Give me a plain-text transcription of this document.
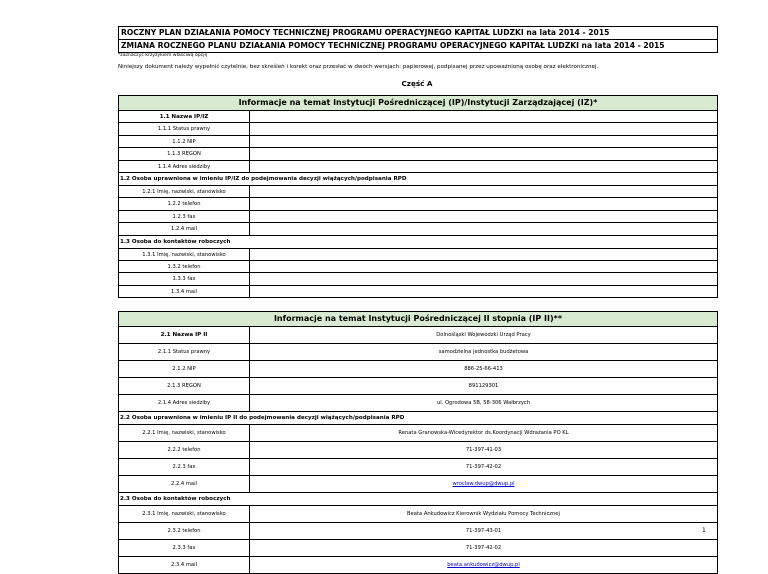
ROCZNY PLAN DZIAŁANIA POMOCY TECHNICZNEJ PROGRAMU OPERACYJNEGO KAPITAŁ LUDZKI na lata 2014 - 2015
ZMIANA ROCZNEGO PLANU DZIAŁANIA POMOCY TECHNICZNEJ PROGRAMU OPERACYJNEGO KAPITAŁ LUDZKI na lata 2014 - 2015
*zaznaczyć krzyżykiem właściwą opcję
Niniejszy dokument należy wypełnić czytelnie, bez skreśleń i korekt oraz przesłać w dwóch wersjach: papierowej, podpisanej przez upoważnioną osobę oraz elektronicznej.
Część A
Informacje na temat Instytucji Pośredniczącej (IP)/Instytucji Zarządzającej (IZ)*
1.1 Nazwa IP/IZ
1.1.1 Status prawny
1.1.2 NIP
1.1.3 REGON
1.1.4 Adres siedziby
1.2 Osoba uprawniona w imieniu IP/IZ do podejmowania decyzji wiążących/podpisania RPD
1.2.1 Imię, nazwiski, stanowisko
1.2.2 telefon
1.2.3 fax
1.2.4 mail
1.3 Osoba do kontaktów roboczych
1.3.1 Imię, nazwiski, stanowisko
1.3.2 telefon
1.3.3 fax
1.3.4 mail
Informacje na temat Instytucji Pośredniczącej II stopnia (IP II)**
2.1 Nazwa IP II	Dolnośląski Wojewódzki Urząd Pracy
2.1.1 Status prawny	samodzielna jednostka budżetowa
2.1.2 NIP	886-25-66-413
2.1.3 REGON	891129301
2.1.4 Adres siedziby	ul. Ogrodowa 5B, 58-306 Wałbrzych
2.2 Osoba uprawniona w imieniu IP II do podejmowania decyzji wiążących/podpisania RPD
2.2.1 Imię, nazwiski, stanowisko	Renata Granowska-Wicedyrektor ds.Koordynacji Wdrażania PO KL
2.2.2 telefon	71-397-41-03
2.2.3 fax	71-397-42-02
2.2.4 mail	wroclaw.dwup@dwup.pl
2.3 Osoba do kontaktów roboczych
2.3.1 Imię, nazwiski, stanowisko	Beata Ankudowicz Kierownik Wydziału Pomocy Technicznej
2.3.2 telefon	71-397-43-01
2.3.3 fax	71-397-42-02
2.3.4 mail	beata.ankudowicz@dwup.pl
1
